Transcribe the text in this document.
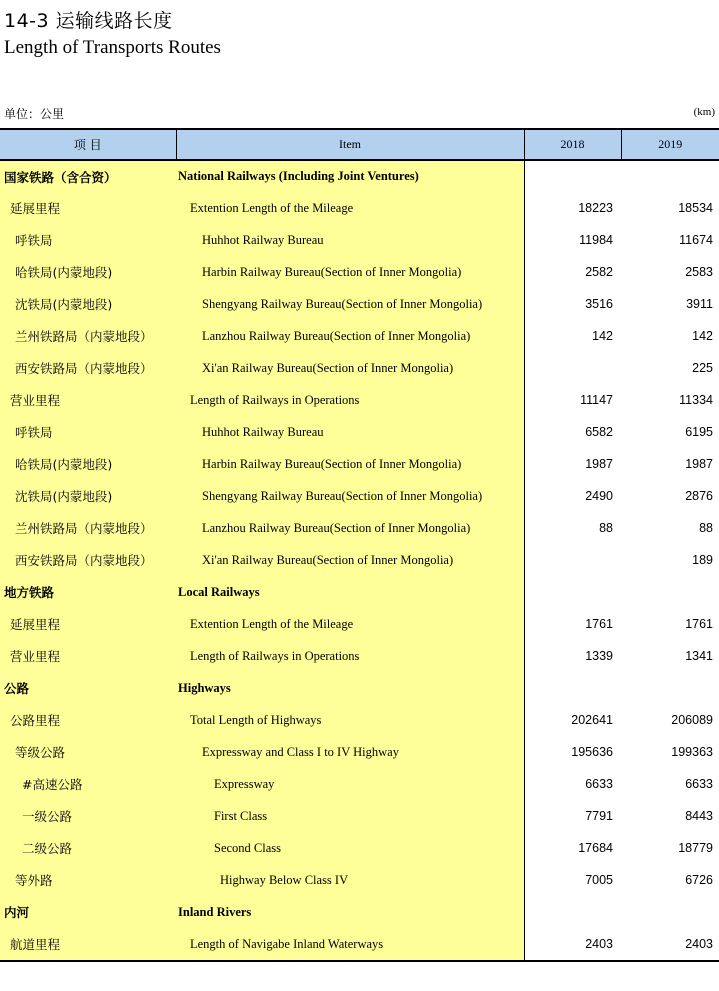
14-3 运输线路长度
Length of Transports Routes
单位：公里	(km)
项 目	Item	2018	2019
国家铁路（含合资）	National Railways (Including Joint Ventures)		
延展里程	Extention Length of the Mileage	18223	18534
呼铁局	Huhhot Railway Bureau	11984	11674
哈铁局(内蒙地段)	Harbin Railway Bureau(Section of Inner Mongolia)	2582	2583
沈铁局(内蒙地段)	Shengyang Railway Bureau(Section of Inner Mongolia)	3516	3911
兰州铁路局（内蒙地段）	Lanzhou Railway Bureau(Section of Inner Mongolia)	142	142
西安铁路局（内蒙地段）	Xi'an Railway Bureau(Section of Inner Mongolia)		225
营业里程	Length of Railways in Operations	11147	11334
呼铁局	Huhhot Railway Bureau	6582	6195
哈铁局(内蒙地段)	Harbin Railway Bureau(Section of Inner Mongolia)	1987	1987
沈铁局(内蒙地段)	Shengyang Railway Bureau(Section of Inner Mongolia)	2490	2876
兰州铁路局（内蒙地段）	Lanzhou Railway Bureau(Section of Inner Mongolia)	88	88
西安铁路局（内蒙地段）	Xi'an Railway Bureau(Section of Inner Mongolia)		189
地方铁路	Local Railways		
延展里程	Extention Length of the Mileage	1761	1761
营业里程	Length of Railways in Operations	1339	1341
公路	Highways		
公路里程	Total Length of Highways	202641	206089
等级公路	Expressway and Class I to IV Highway	195636	199363
#高速公路	Expressway	6633	6633
一级公路	First Class	7791	8443
二级公路	Second Class	17684	18779
等外路	Highway Below Class IV	7005	6726
内河	Inland Rivers		
航道里程	Length of Navigabe Inland Waterways	2403	2403
